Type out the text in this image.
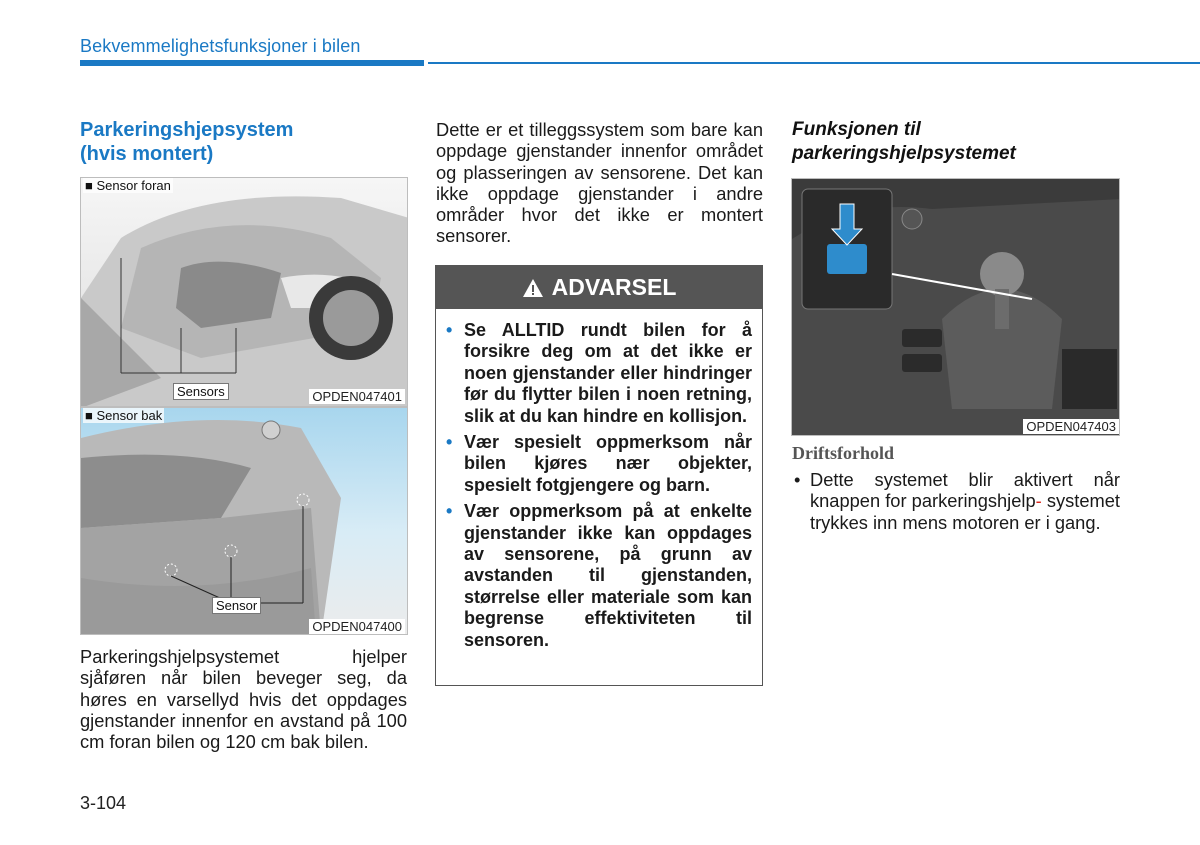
Bekvemmelighetsfunksjoner i bilen
Parkeringshjepsystem
(hvis montert)
■ Sensor foran
Sensors	OPDEN047401
■ Sensor bak
Sensor
OPDEN047400
Parkeringshjelpsystemet hjelper sjåføren når bilen beveger seg, da høres en varsellyd hvis det oppdages gjenstander innenfor en avstand på 100 cm foran bilen og 120 cm bak bilen.
Dette er et tilleggssystem som bare kan oppdage gjenstander innenfor området og plasseringen av sensorene. Det kan ikke oppdage gjenstander i andre områder hvor det ikke er montert sensorer.
ADVARSEL
• Se ALLTID rundt bilen for å forsikre deg om at det ikke er noen gjenstander eller hindringer før du flytter bilen i noen retning, slik at du kan hindre en kollisjon.
• Vær spesielt oppmerksom når bilen kjøres nær objekter, spesielt fotgjengere og barn.
• Vær oppmerksom på at enkelte gjenstander ikke kan oppdages av sensorene, på grunn av avstanden til gjenstanden, størrelse eller materiale som kan begrense effektiviteten til sensoren.
Funksjonen til
parkeringshjelpsystemet
OPDEN047403
Driftsforhold
• Dette systemet blir aktivert når knappen for parkeringshjelp- systemet trykkes inn mens motoren er i gang.
3-104
